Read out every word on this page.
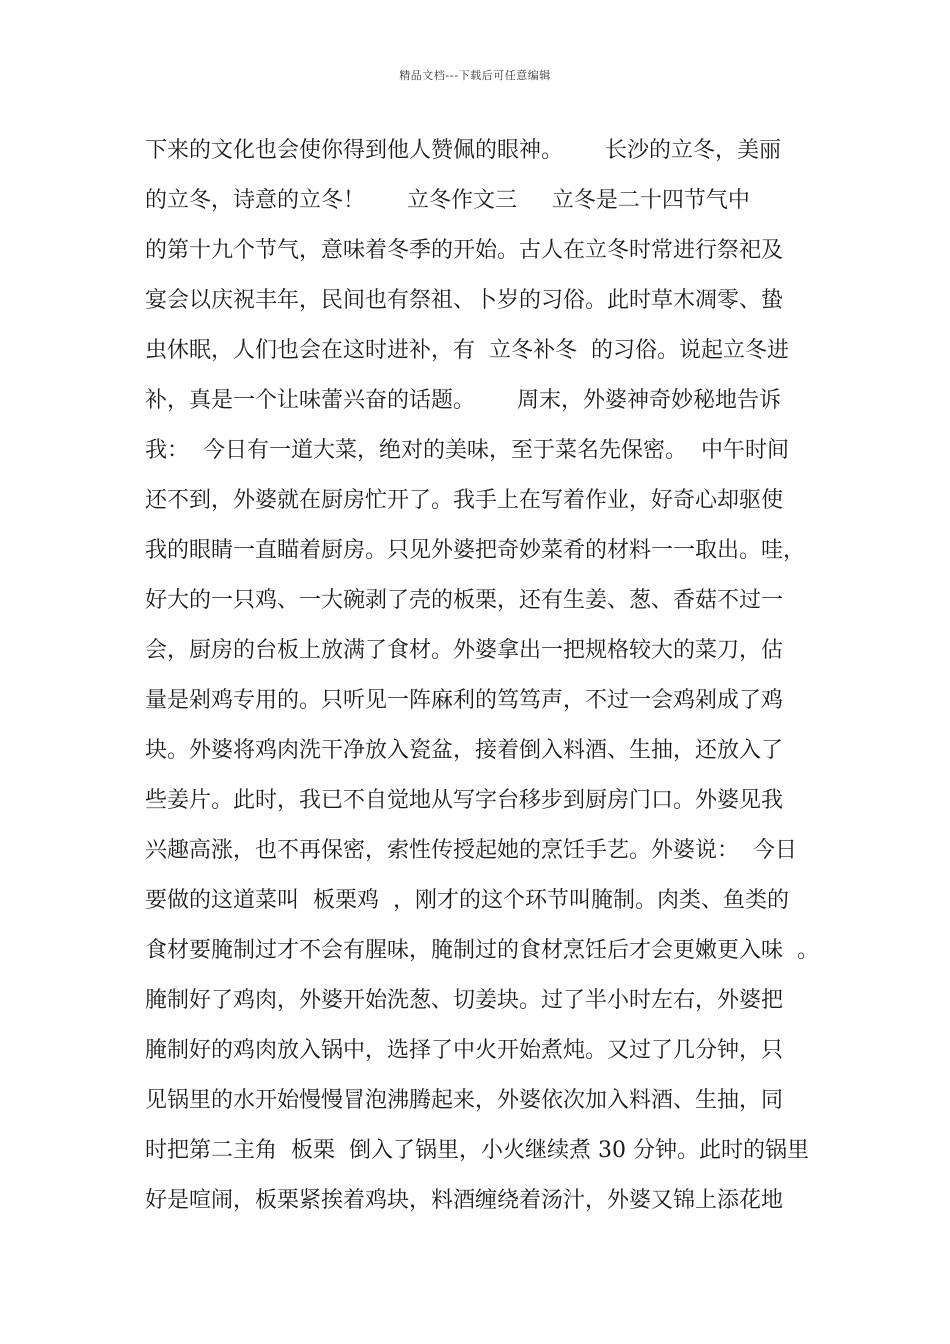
精品文档---下载后可任意编辑
下来的文化也会使你得到他人赞佩的眼神。      长沙的立冬，美丽
的立冬，诗意的立冬！      立冬作文三     立冬是二十四节气中
的第十九个节气，意味着冬季的开始。古人在立冬时常进行祭祀及
宴会以庆祝丰年，民间也有祭祖、卜岁的习俗。此时草木凋零、蛰
虫休眠，人们也会在这时进补，有  立冬补冬  的习俗。说起立冬进
补，真是一个让味蕾兴奋的话题。      周末，外婆神奇妙秘地告诉
我：  今日有一道大菜，绝对的美味，至于菜名先保密。  中午时间
还不到，外婆就在厨房忙开了。我手上在写着作业，好奇心却驱使
我的眼睛一直瞄着厨房。只见外婆把奇妙菜肴的材料一一取出。哇，
好大的一只鸡、一大碗剥了壳的板栗，还有生姜、葱、香菇不过一
会，厨房的台板上放满了食材。外婆拿出一把规格较大的菜刀，估
量是剁鸡专用的。只听见一阵麻利的笃笃声，不过一会鸡剁成了鸡
块。外婆将鸡肉洗干净放入瓷盆，接着倒入料酒、生抽，还放入了
些姜片。此时，我已不自觉地从写字台移步到厨房门口。外婆见我
兴趣高涨，也不再保密，索性传授起她的烹饪手艺。外婆说：  今日
要做的这道菜叫  板栗鸡  ，刚才的这个环节叫腌制。肉类、鱼类的
食材要腌制过才不会有腥味，腌制过的食材烹饪后才会更嫩更入味  。
腌制好了鸡肉，外婆开始洗葱、切姜块。过了半小时左右，外婆把
腌制好的鸡肉放入锅中，选择了中火开始煮炖。又过了几分钟，只
见锅里的水开始慢慢冒泡沸腾起来，外婆依次加入料酒、生抽，同
时把第二主角  板栗  倒入了锅里，小火继续煮 30 分钟。此时的锅里
好是喧闹，板栗紧挨着鸡块，料酒缠绕着汤汁，外婆又锦上添花地
